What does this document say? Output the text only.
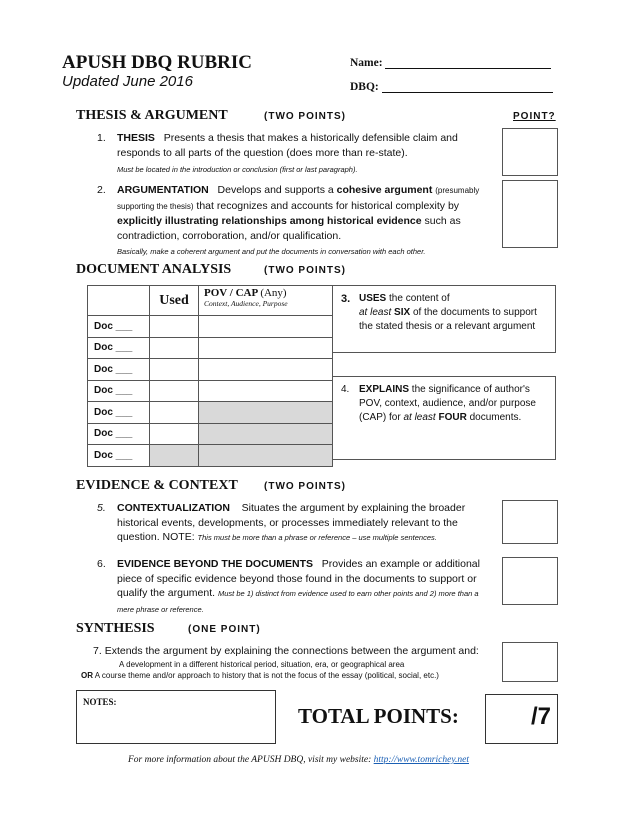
APUSH DBQ RUBRIC
Updated June 2016
Name:
DBQ:
THESIS & ARGUMENT	(TWO POINTS)	POINT?
1.	THESIS Presents a thesis that makes a historically defensible claim and responds to all parts of the question (does more than re-state).
Must be located in the introduction or conclusion (first or last paragraph).
2.	ARGUMENTATION Develops and supports a cohesive argument (presumably supporting the thesis) that recognizes and accounts for historical complexity by explicitly illustrating relationships among historical evidence such as contradiction, corroboration, and/or qualification.
Basically, make a coherent argument and put the documents in conversation with each other.
DOCUMENT ANALYSIS	(TWO POINTS)
	Used	POV / CAP (Any)
Context, Audience, Purpose

Doc ___		
Doc ___		
Doc ___		
Doc ___		
Doc ___		
Doc ___		
Doc ___		
3. USES the content of
at least SIX of the documents to support the stated thesis or a relevant argument
4. EXPLAINS the significance of author's POV, context, audience, and/or purpose (CAP) for at least FOUR documents.
EVIDENCE & CONTEXT	(TWO POINTS)
5.	CONTEXTUALIZATION Situates the argument by explaining the broader historical events, developments, or processes immediately relevant to the question. NOTE: This must be more than a phrase or reference – use multiple sentences.
6.	EVIDENCE BEYOND THE DOCUMENTS Provides an example or additional piece of specific evidence beyond those found in the documents to support or qualify the argument. Must be 1) distinct from evidence used to earn other points and 2) more than a mere phrase or reference.
SYNTHESIS	(ONE POINT)
7. Extends the argument by explaining the connections between the argument and:
A development in a different historical period, situation, era, or geographical area
OR A course theme and/or approach to history that is not the focus of the essay (political, social, etc.)
NOTES:
TOTAL POINTS:	/7
For more information about the APUSH DBQ, visit my website: http://www.tomrichey.net
